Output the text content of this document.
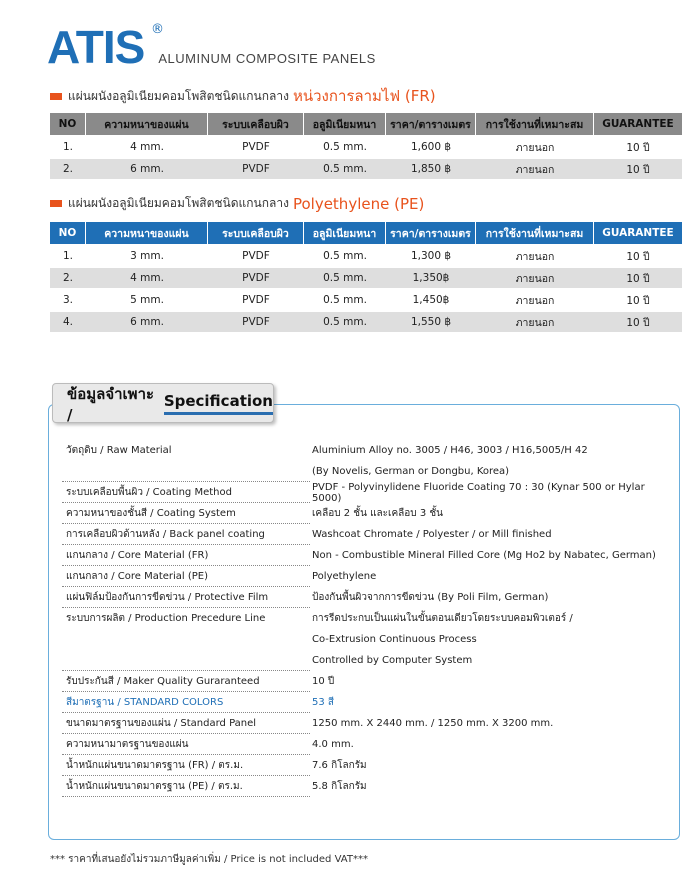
ATIS ®
ALUMINUM COMPOSITE PANELS
แผ่นผนังอลูมิเนียมคอมโพสิตชนิดแกนกลาง หน่วงการลามไฟ (FR)
NO	ความหนาของแผ่น	ระบบเคลือบผิว	อลูมิเนียมหนา	ราคา/ตารางเมตร	การใช้งานที่เหมาะสม	GUARANTEE
1.	4 mm.	PVDF	0.5 mm.	1,600 ฿	ภายนอก	10 ปี
2.	6 mm.	PVDF	0.5 mm.	1,850 ฿	ภายนอก	10 ปี
แผ่นผนังอลูมิเนียมคอมโพสิตชนิดแกนกลาง Polyethylene (PE)
NO	ความหนาของแผ่น	ระบบเคลือบผิว	อลูมิเนียมหนา	ราคา/ตารางเมตร	การใช้งานที่เหมาะสม	GUARANTEE
1.	3 mm.	PVDF	0.5 mm.	1,300 ฿	ภายนอก	10 ปี
2.	4 mm.	PVDF	0.5 mm.	1,350฿	ภายนอก	10 ปี
3.	5 mm.	PVDF	0.5 mm.	1,450฿	ภายนอก	10 ปี
4.	6 mm.	PVDF	0.5 mm.	1,550 ฿	ภายนอก	10 ปี
ข้อมูลจำเพาะ /
Specification
วัตถุดิบ / Raw Material	Aluminium Alloy no. 3005 / H46, 3003 / H16,5005/H 42
(By Novelis, German or Dongbu, Korea)
ระบบเคลือบพื้นผิว / Coating Method	PVDF - Polyvinylidene Fluoride Coating 70 : 30 (Kynar 500 or Hylar 5000)
ความหนาของชั้นสี / Coating System	เคลือบ 2 ชั้น และเคลือบ 3 ชั้น
การเคลือบผิวด้านหลัง / Back panel coating	Washcoat Chromate / Polyester / or Mill finished
แกนกลาง / Core Material (FR)	Non - Combustible Mineral Filled Core (Mg Ho2 by Nabatec, German)
แกนกลาง / Core Material (PE)	Polyethylene
แผ่นฟิล์มป้องกันการขีดข่วน / Protective Film	ป้องกันพื้นผิวจากการขีดข่วน (By Poli Film, German)
ระบบการผลิต / Production Precedure Line	การรีดประกบเป็นแผ่นในขั้นตอนเดียวโดยระบบคอมพิวเตอร์ /
Co-Extrusion Continuous Process
Controlled by Computer System
รับประกันสี / Maker Quality Guraranteed	10 ปี
สีมาตรฐาน / STANDARD COLORS	53 สี
ขนาดมาตรฐานของแผ่น / Standard Panel	1250 mm. X 2440 mm. / 1250 mm. X 3200 mm.
ความหนามาตรฐานของแผ่น	4.0 mm.
น้ำหนักแผ่นขนาดมาตรฐาน (FR) / ตร.ม.	7.6 กิโลกรัม
น้ำหนักแผ่นขนาดมาตรฐาน (PE) / ตร.ม.	5.8 กิโลกรัม
*** ราคาที่เสนอยังไม่รวมภาษีมูลค่าเพิ่ม / Price is not included VAT***
